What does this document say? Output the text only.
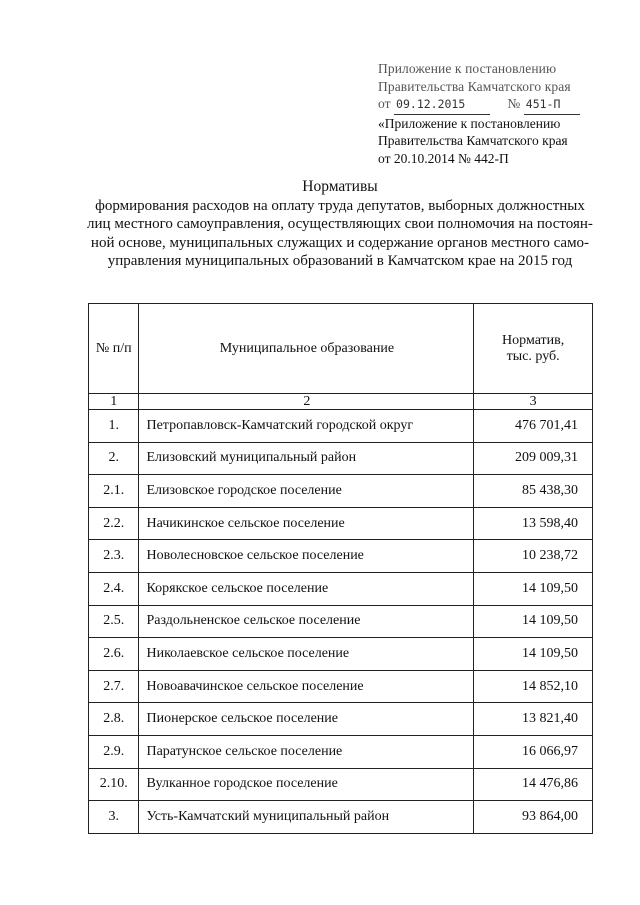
Приложение к постановлению
Правительства Камчатского края
от 09.12.2015	№ 451-П
«Приложение к постановлению
Правительства Камчатского края
от 20.10.2014 № 442-П
Нормативы
формирования расходов на оплату труда депутатов, выборных должностных
лиц местного самоуправления, осуществляющих свои полномочия на постоян-
ной основе, муниципальных служащих и содержание органов местного само-
управления муниципальных образований в Камчатском крае на 2015 год
№ п/п	Муниципальное образование	Норматив,
тыс. руб.

1	2	3
1.	Петропавловск-Камчатский городской округ	476 701,41
2.	Елизовский муниципальный район	209 009,31
2.1.	Елизовское городское поселение	85 438,30
2.2.	Начикинское сельское поселение	13 598,40
2.3.	Новолесновское сельское поселение	10 238,72
2.4.	Корякское сельское поселение	14 109,50
2.5.	Раздольненское сельское поселение	14 109,50
2.6.	Николаевское сельское поселение	14 109,50
2.7.	Новоавачинское сельское поселение	14 852,10
2.8.	Пионерское сельское поселение	13 821,40
2.9.	Паратунское сельское поселение	16 066,97
2.10.	Вулканное городское поселение	14 476,86
3.	Усть-Камчатский муниципальный район	93 864,00
